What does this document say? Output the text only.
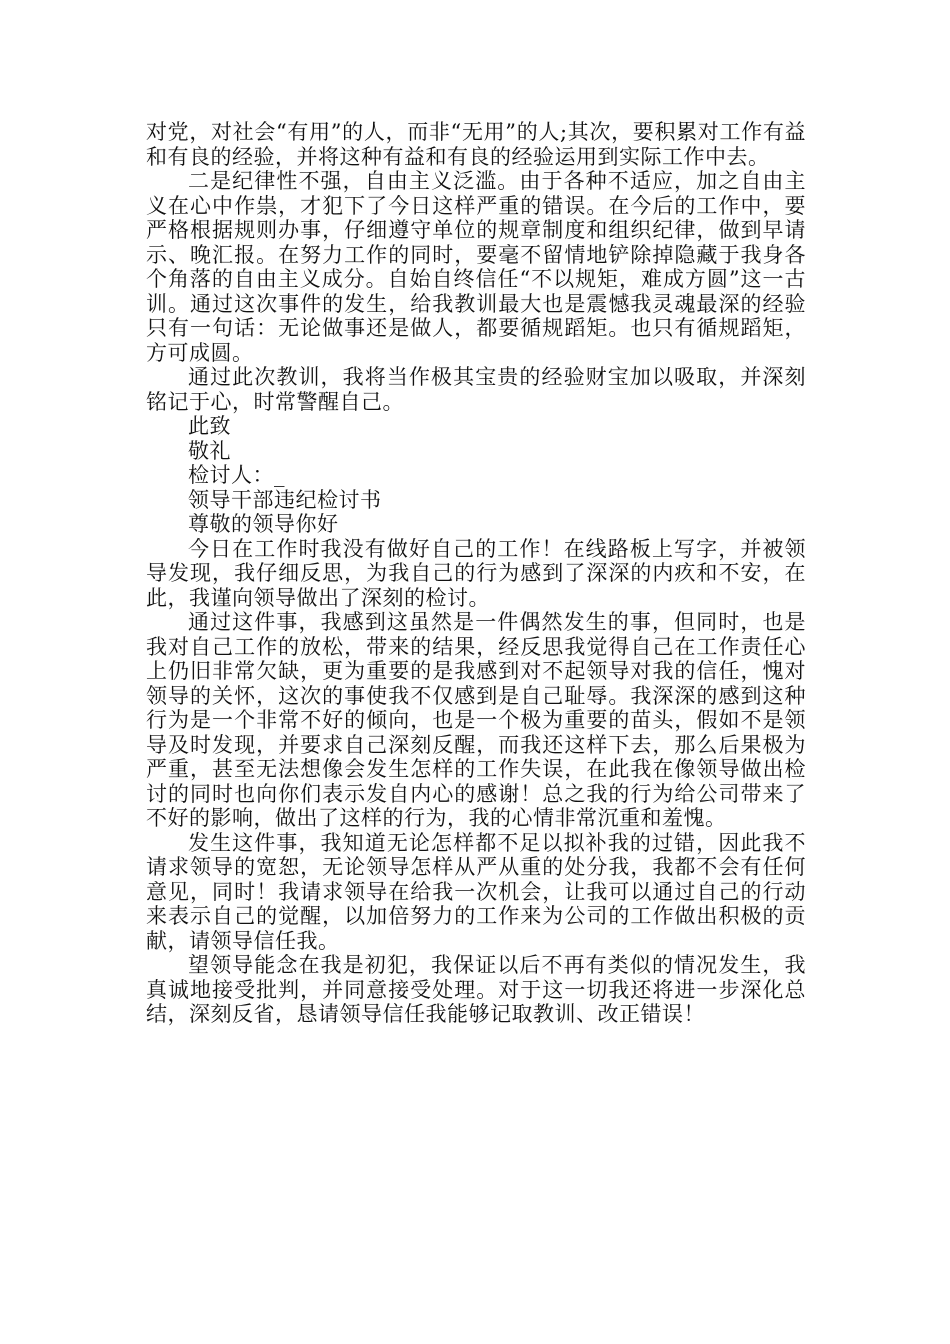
对党，对社会“有用”的人，而非“无用”的人;其次，要积累对工作有益和有良的经验，并将这种有益和有良的经验运用到实际工作中去。

二是纪律性不强，自由主义泛滥。由于各种不适应，加之自由主义在心中作祟，才犯下了今日这样严重的错误。在今后的工作中，要严格根据规则办事，仔细遵守单位的规章制度和组织纪律，做到早请示、晚汇报。在努力工作的同时，要毫不留情地铲除掉隐藏于我身各个角落的自由主义成分。自始自终信任“不以规矩，难成方圆”这一古训。通过这次事件的发生，给我教训最大也是震憾我灵魂最深的经验只有一句话：无论做事还是做人，都要循规蹈矩。也只有循规蹈矩，方可成圆。

通过此次教训，我将当作极其宝贵的经验财宝加以吸取，并深刻铭记于心，时常警醒自己。

此致

敬礼

检讨人：_

领导干部违纪检讨书

尊敬的领导你好

今日在工作时我没有做好自己的工作！在线路板上写字，并被领导发现，我仔细反思，为我自己的行为感到了深深的内疚和不安，在此，我谨向领导做出了深刻的检讨。

通过这件事，我感到这虽然是一件偶然发生的事，但同时，也是我对自己工作的放松，带来的结果，经反思我觉得自己在工作责任心上仍旧非常欠缺，更为重要的是我感到对不起领导对我的信任，愧对领导的关怀，这次的事使我不仅感到是自己耻辱。我深深的感到这种行为是一个非常不好的倾向，也是一个极为重要的苗头，假如不是领导及时发现，并要求自己深刻反醒，而我还这样下去，那么后果极为严重，甚至无法想像会发生怎样的工作失误，在此我在像领导做出检讨的同时也向你们表示发自内心的感谢！总之我的行为给公司带来了不好的影响，做出了这样的行为，我的心情非常沉重和羞愧。

发生这件事，我知道无论怎样都不足以拟补我的过错，因此我不请求领导的宽恕，无论领导怎样从严从重的处分我，我都不会有任何意见，同时！我请求领导在给我一次机会，让我可以通过自己的行动来表示自己的觉醒，以加倍努力的工作来为公司的工作做出积极的贡献，请领导信任我。

望领导能念在我是初犯，我保证以后不再有类似的情况发生，我真诚地接受批判，并同意接受处理。对于这一切我还将进一步深化总结，深刻反省，恳请领导信任我能够记取教训、改正错误！
